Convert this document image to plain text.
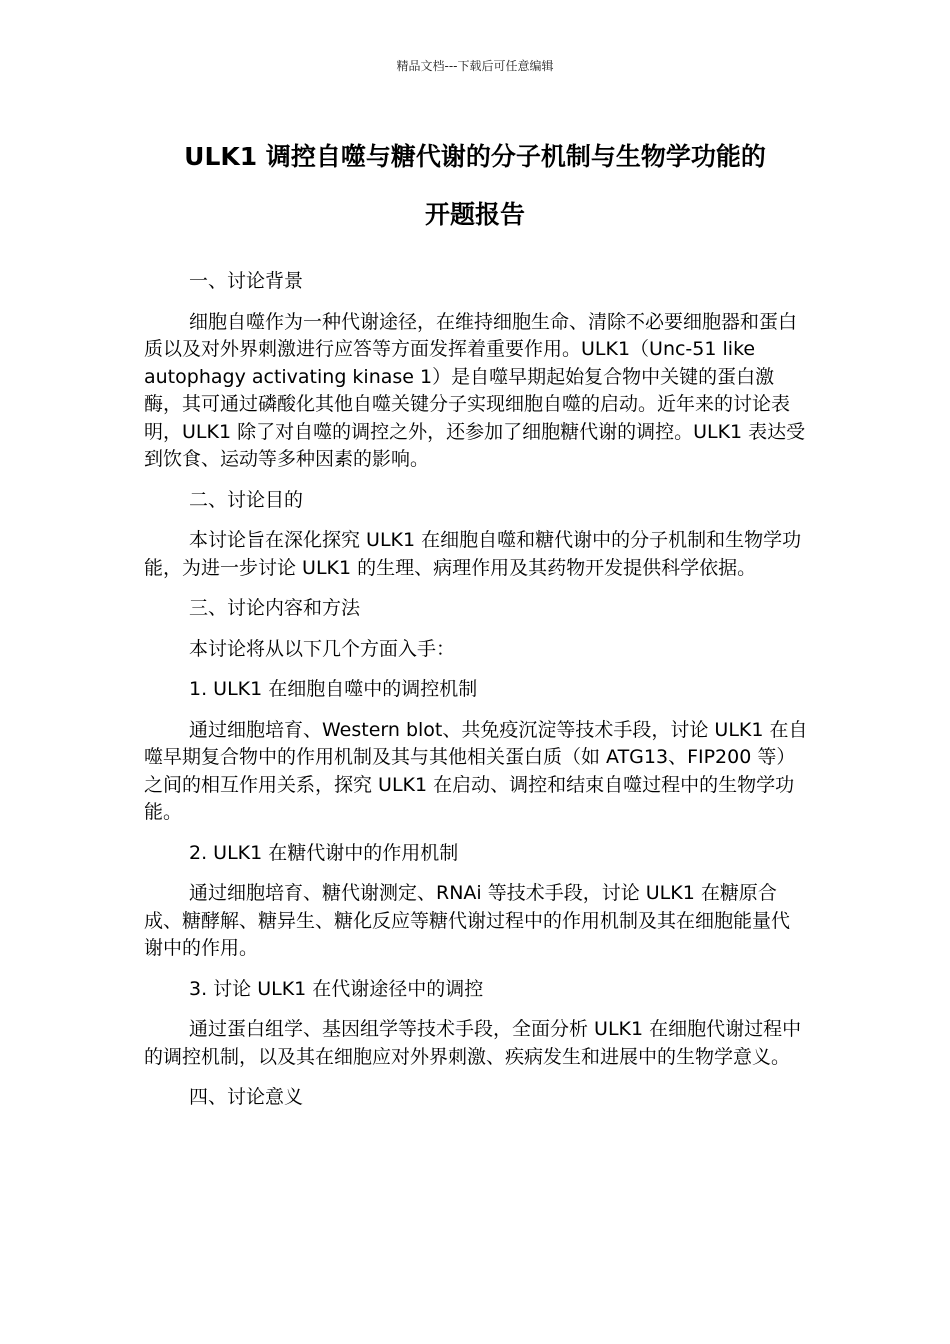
精品文档---下载后可任意编辑
ULK1 调控自噬与糖代谢的分子机制与生物学功能的
开题报告

一、讨论背景

细胞自噬作为一种代谢途径，在维持细胞生命、清除不必要细胞器和蛋白质以及对外界刺激进行应答等方面发挥着重要作用。ULK1（Unc-51 like autophagy activating kinase 1）是自噬早期起始复合物中关键的蛋白激酶，其可通过磷酸化其他自噬关键分子实现细胞自噬的启动。近年来的讨论表明，ULK1 除了对自噬的调控之外，还参加了细胞糖代谢的调控。ULK1 表达受到饮食、运动等多种因素的影响。

二、讨论目的

本讨论旨在深化探究 ULK1 在细胞自噬和糖代谢中的分子机制和生物学功能，为进一步讨论 ULK1 的生理、病理作用及其药物开发提供科学依据。

三、讨论内容和方法

本讨论将从以下几个方面入手：

1. ULK1 在细胞自噬中的调控机制

通过细胞培育、Western blot、共免疫沉淀等技术手段，讨论 ULK1 在自噬早期复合物中的作用机制及其与其他相关蛋白质（如 ATG13、FIP200 等）之间的相互作用关系，探究 ULK1 在启动、调控和结束自噬过程中的生物学功能。

2. ULK1 在糖代谢中的作用机制

通过细胞培育、糖代谢测定、RNAi 等技术手段，讨论 ULK1 在糖原合成、糖酵解、糖异生、糖化反应等糖代谢过程中的作用机制及其在细胞能量代谢中的作用。

3. 讨论 ULK1 在代谢途径中的调控

通过蛋白组学、基因组学等技术手段，全面分析 ULK1 在细胞代谢过程中的调控机制，以及其在细胞应对外界刺激、疾病发生和进展中的生物学意义。

四、讨论意义
